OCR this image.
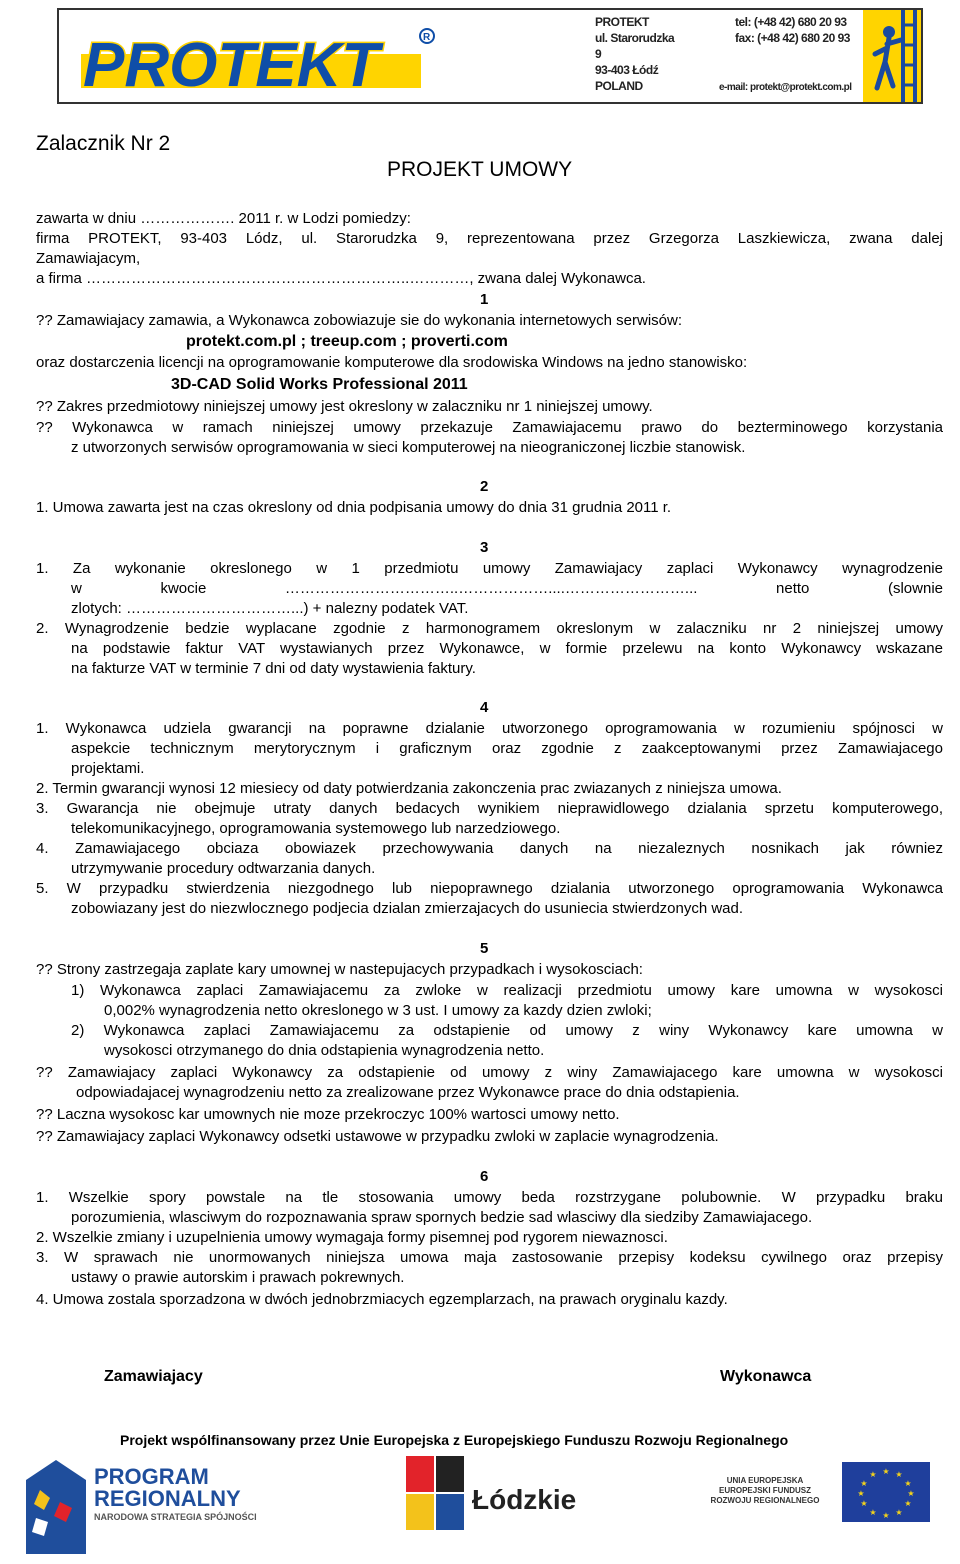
PROTEKT	R
PROTEKT
ul. Starorudzka 9
93-403 Łódź
POLAND
tel: (+48 42) 680 20 93
fax: (+48 42) 680 20 93
e-mail: protekt@protekt.com.pl
Zalacznik Nr 2
PROJEKT UMOWY
zawarta w dniu ………………. 2011 r. w Lodzi pomiedzy:
firma PROTEKT, 93-403 Lódz, ul. Starorudzka 9, reprezentowana przez Grzegorza Laszkiewicza, zwana dalej
Zamawiajacym,
a firma ………………………………………………………..…………, zwana dalej Wykonawca.
1
?? Zamawiajacy zamawia, a Wykonawca zobowiazuje sie do wykonania internetowych serwisów:
protekt.com.pl ; treeup.com ; proverti.com
oraz dostarczenia licencji na oprogramowanie komputerowe dla srodowiska Windows na jedno stanowisko:
3D-CAD Solid Works Professional 2011
?? Zakres przedmiotowy niniejszej umowy jest okreslony w zalaczniku nr 1 niniejszej umowy.
?? Wykonawca w ramach niniejszej umowy przekazuje Zamawiajacemu prawo do bezterminowego korzystania
z utworzonych serwisów oprogramowania w sieci komputerowej na nieograniczonej liczbie stanowisk.
2
1. Umowa zawarta jest na czas okreslony od dnia podpisania umowy do dnia 31 grudnia 2011 r.
3
1. Za wykonanie okreslonego w 1 przedmiotu umowy Zamawiajacy zaplaci Wykonawcy wynagrodzenie
w kwocie ……………………………..………………....……………………... netto (slownie
zlotych: ……………………………...) + nalezny podatek VAT.
2. Wynagrodzenie bedzie wyplacane zgodnie z harmonogramem okreslonym w zalaczniku nr 2 niniejszej umowy
na podstawie faktur VAT wystawianych przez Wykonawce, w formie przelewu na konto Wykonawcy wskazane
na fakturze VAT w terminie 7 dni od daty wystawienia faktury.
4
1. Wykonawca udziela gwarancji na poprawne dzialanie utworzonego oprogramowania w rozumieniu spójnosci w
aspekcie technicznym merytorycznym i graficznym oraz zgodnie z zaakceptowanymi przez Zamawiajacego
projektami.
2. Termin gwarancji wynosi 12 miesiecy od daty potwierdzania zakonczenia prac zwiazanych z niniejsza umowa.
3. Gwarancja nie obejmuje utraty danych bedacych wynikiem nieprawidlowego dzialania sprzetu komputerowego,
telekomunikacyjnego, oprogramowania systemowego lub narzedziowego.
4. Zamawiajacego obciaza obowiazek przechowywania danych na niezaleznych nosnikach jak równiez
utrzymywanie procedury odtwarzania danych.
5. W przypadku stwierdzenia niezgodnego lub niepoprawnego dzialania utworzonego oprogramowania Wykonawca
zobowiazany jest do niezwlocznego podjecia dzialan zmierzajacych do usuniecia stwierdzonych wad.
5
?? Strony zastrzegaja zaplate kary umownej w nastepujacych przypadkach i wysokosciach:
1) Wykonawca zaplaci Zamawiajacemu za zwloke w realizacji przedmiotu umowy kare umowna w wysokosci
0,002% wynagrodzenia netto okreslonego w 3 ust. I umowy za kazdy dzien zwloki;
2) Wykonawca zaplaci Zamawiajacemu za odstapienie od umowy z winy Wykonawcy kare umowna w
wysokosci otrzymanego do dnia odstapienia wynagrodzenia netto.
?? Zamawiajacy zaplaci Wykonawcy za odstapienie od umowy z winy Zamawiajacego kare umowna w wysokosci
odpowiadajacej wynagrodzeniu netto za zrealizowane przez Wykonawce prace do dnia odstapienia.
?? Laczna wysokosc kar umownych nie moze przekroczyc 100% wartosci umowy netto.
?? Zamawiajacy zaplaci Wykonawcy odsetki ustawowe w przypadku zwloki w zaplacie wynagrodzenia.
6
1. Wszelkie spory powstale na tle stosowania umowy beda rozstrzygane polubownie. W przypadku braku
porozumienia, wlasciwym do rozpoznawania spraw spornych bedzie sad wlasciwy dla siedziby Zamawiajacego.
2. Wszelkie zmiany i uzupelnienia umowy wymagaja formy pisemnej pod rygorem niewaznosci.
3. W sprawach nie unormowanych niniejsza umowa maja zastosowanie przepisy kodeksu cywilnego oraz przepisy
ustawy o prawie autorskim i prawach pokrewnych.
4. Umowa zostala sporzadzona w dwóch jednobrzmiacych egzemplarzach, na prawach oryginalu kazdy.
Zamawiajacy	Wykonawca
Projekt wspólfinansowany przez Unie Europejska z Europejskiego Funduszu Rozwoju Regionalnego
PROGRAM
REGIONALNY
NARODOWA STRATEGIA SPÓJNOŚCI
Łódzkie
UNIA EUROPEJSKA
EUROPEJSKI FUNDUSZ
ROZWOJU REGIONALNEGO
★ ★
★
★
★
★
★
★
★
★
★
★
